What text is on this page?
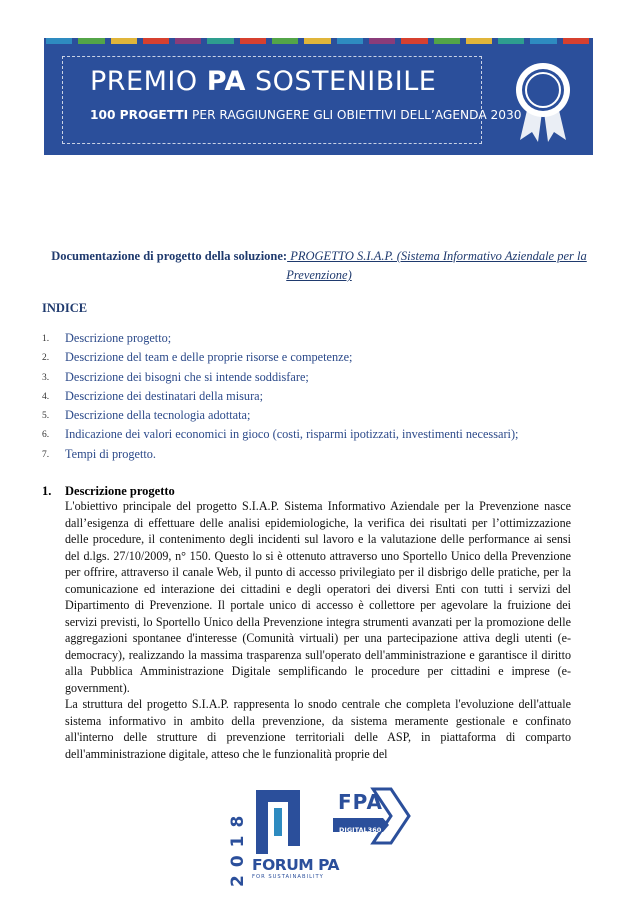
PREMIO PA SOSTENIBILE
100 PROGETTI PER RAGGIUNGERE GLI OBIETTIVI DELL’AGENDA 2030
Documentazione di progetto della soluzione: PROGETTO S.I.A.P. (Sistema Informativo Aziendale per la Prevenzione)
INDICE
1. Descrizione progetto;
2. Descrizione del team e delle proprie risorse e competenze;
3. Descrizione dei bisogni che si intende soddisfare;
4. Descrizione dei destinatari della misura;
5. Descrizione della tecnologia adottata;
6. Indicazione dei valori economici in gioco (costi, risparmi ipotizzati, investimenti necessari);
7. Tempi di progetto.
1. Descrizione progetto

L'obiettivo principale del progetto S.I.A.P. Sistema Informativo Aziendale per la Prevenzione nasce dall’esigenza di effettuare delle analisi epidemiologiche, la verifica dei risultati per l’ottimizzazione delle procedure, il contenimento degli incidenti sul lavoro e la valutazione delle performance ai sensi del d.lgs. 27/10/2009, n° 150. Questo lo si è ottenuto attraverso uno Sportello Unico della Prevenzione per offrire, attraverso il canale Web, il punto di accesso privilegiato per il disbrigo delle pratiche, per la comunicazione ed interazione dei cittadini e degli operatori dei diversi Enti con tutti i servizi del Dipartimento di Prevenzione. Il portale unico di accesso è collettore per agevolare la fruizione dei servizi previsti, lo Sportello Unico della Prevenzione integra strumenti avanzati per la promozione delle aggregazioni spontanee d'interesse (Comunità virtuali) per una partecipazione attiva degli utenti (e-democracy), realizzando la massima trasparenza sull'operato dell'amministrazione e garantisce il diritto alla Pubblica Amministrazione Digitale semplificando le procedure per cittadini e imprese (e-government).

La struttura del progetto S.I.A.P. rappresenta lo snodo centrale che completa l'evoluzione dell'attuale sistema informativo in ambito della prevenzione, da sistema meramente gestionale e confinato all'interno delle strutture di prevenzione territoriali delle ASP, in piattaforma di comparto dell'amministrazione digitale, atteso che le funzionalità proprie del

2018 FORUM PA
FOR SUSTAINABILITY
FPA
DIGITAL360
